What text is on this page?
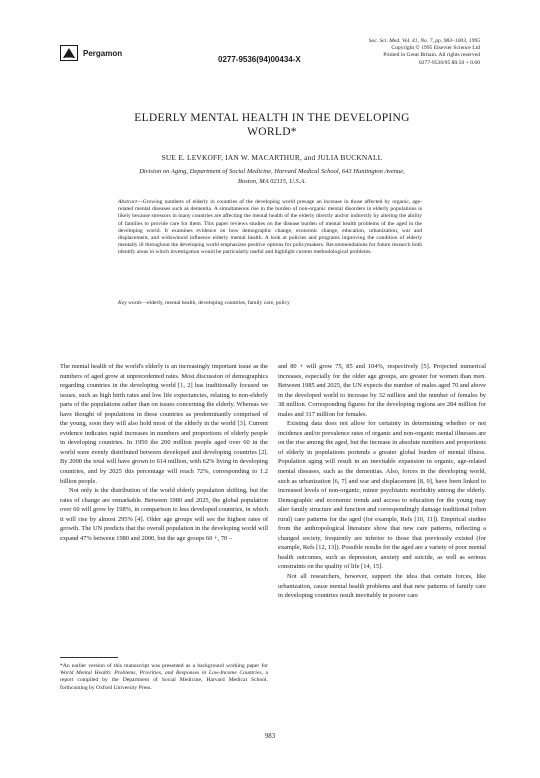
Pergamon
0277-9536(94)00434-X
Soc. Sci. Med. Vol. 41, No. 7, pp. 983–1003, 1995
Copyright © 1995 Elsevier Science Ltd
Printed in Great Britain. All rights reserved
0277-9536/95 $9.50 + 0.00
ELDERLY MENTAL HEALTH IN THE DEVELOPING
WORLD*
SUE E. LEVKOFF, IAN W. MACARTHUR, and JULIA BUCKNALL
Division on Aging, Department of Social Medicine, Harvard Medical School, 643 Huntington Avenue,
Boston, MA 02115, U.S.A.
Abstract—Growing numbers of elderly in countries of the developing world presage an increase in those affected by organic, age-related mental diseases such as dementia. A simultaneous rise in the burden of non-organic mental disorders in elderly populations is likely because stressors in many countries are affecting the mental health of the elderly directly and/or indirectly by altering the ability of families to provide care for them. This paper reviews studies on the disease burden of mental health problems of the aged in the developing world. It examines evidence on how demographic change, economic change, education, urbanization, war and displacement, and widowhood influence elderly mental health. A look at policies and programs improving the condition of elderly mentally ill throughout the developing world emphasizes positive options for policymakers. Recommendations for future research both identify areas in which investigation would be particularly useful and highlight current methodological problems.
Key words—elderly, mental health, developing countries, family care, policy

The mental health of the world's elderly is an increasingly important issue as the numbers of aged grow at unprecedented rates. Most discussion of demographics regarding countries in the developing world [1, 2] has traditionally focused on issues, such as high birth rates and low life expectancies, relating to non-elderly parts of the populations rather than on issues concerning the elderly. Whereas we have thought of populations in these countries as predominantly comprised of the young, soon they will also hold most of the elderly in the world [3]. Current evidence indicates rapid increases in numbers and proportions of elderly people in developing countries. In 1950 the 200 million people aged over 60 in the world were evenly distributed between developed and developing countries [2]. By 2000 the total will have grown to 614 million, with 62% living in developing countries, and by 2025 this percentage will reach 72%, corresponding to 1.2 billion people.

Not only is the distribution of the world elderly population shifting, but the rates of change are remarkable. Between 1980 and 2025, the global population over 60 will grow by 198%, in comparison to less developed countries, in which it will rise by almost 295% [4]. Older age groups will see the highest rates of growth. The UN predicts that the overall population in the developing world will expand 47% between 1980 and 2000, but the age groups 60 +, 70 –

and 80 + will grow 75, 85 and 104%, respectively [5]. Projected numerical increases, especially for the older age groups, are greater for women than men. Between 1985 and 2025, the UN expects the number of males aged 70 and above in the developed world to increase by 32 million and the number of females by 38 million. Corresponding figures for the developing regions are 284 million for males and 317 million for females.

Existing data does not allow for certainty in determining whether or not incidence and/or prevalence rates of organic and non-organic mental illnesses are on the rise among the aged, but the increase in absolute numbers and proportions of elderly in populations portends a greater global burden of mental illness. Population aging will result in an inevitable expansion in organic, age-related mental diseases, such as the dementias. Also, forces in the developing world, such as urbanization [6, 7] and war and displacement [8, 9], have been linked to increased levels of non-organic, minor psychiatric morbidity among the elderly. Demographic and economic trends and access to education for the young may alter family structure and function and correspondingly damage traditional (often rural) care patterns for the aged (for example, Refs [10, 11]). Empirical studies from the anthropological literature show that new care patterns, reflecting a changed society, frequently are inferior to those that previously existed (for example, Refs [12, 13]). Possible results for the aged are a variety of poor mental health outcomes, such as depression, anxiety and suicide, as well as serious constraints on the quality of life [14, 15].

Not all researchers, however, support the idea that certain forces, like urbanization, cause mental health problems and that new patterns of family care in developing countries result inevitably in poorer care

*An earlier version of this manuscript was presented as a background working paper for World Mental Health: Problems, Priorities, and Responses in Low-Income Countries, a report compiled by the Department of Social Medicine, Harvard Medical School, forthcoming by Oxford University Press.
983
